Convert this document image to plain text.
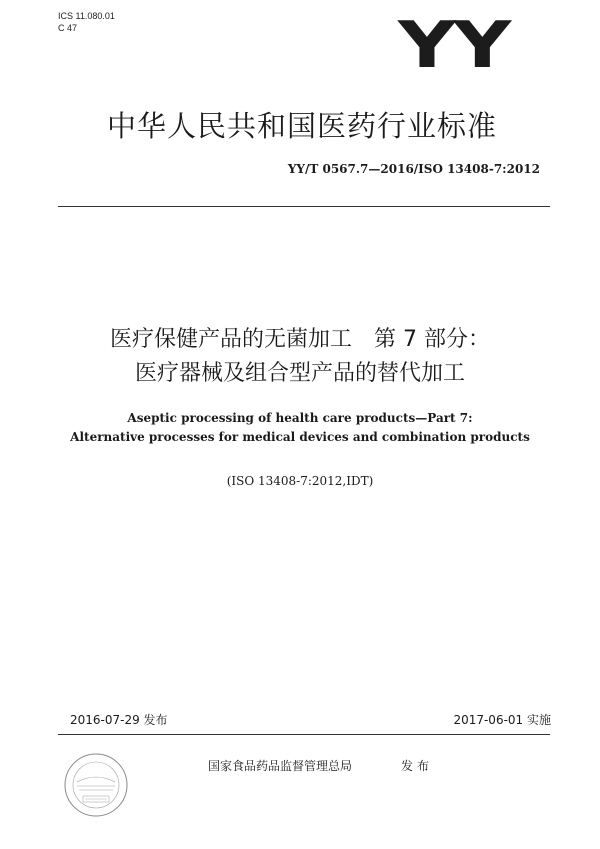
ICS 11.080.01
C 47	YY
中华人民共和国医药行业标准
YY/T 0567.7—2016/ISO 13408-7:2012
医疗保健产品的无菌加工　第 7 部分：
医疗器械及组合型产品的替代加工
Aseptic processing of health care products—Part 7:
Alternative processes for medical devices and combination products
(ISO 13408-7:2012,IDT)
2016-07-29 发布	2017-06-01 实施
国家食品药品监督管理总局	发布
